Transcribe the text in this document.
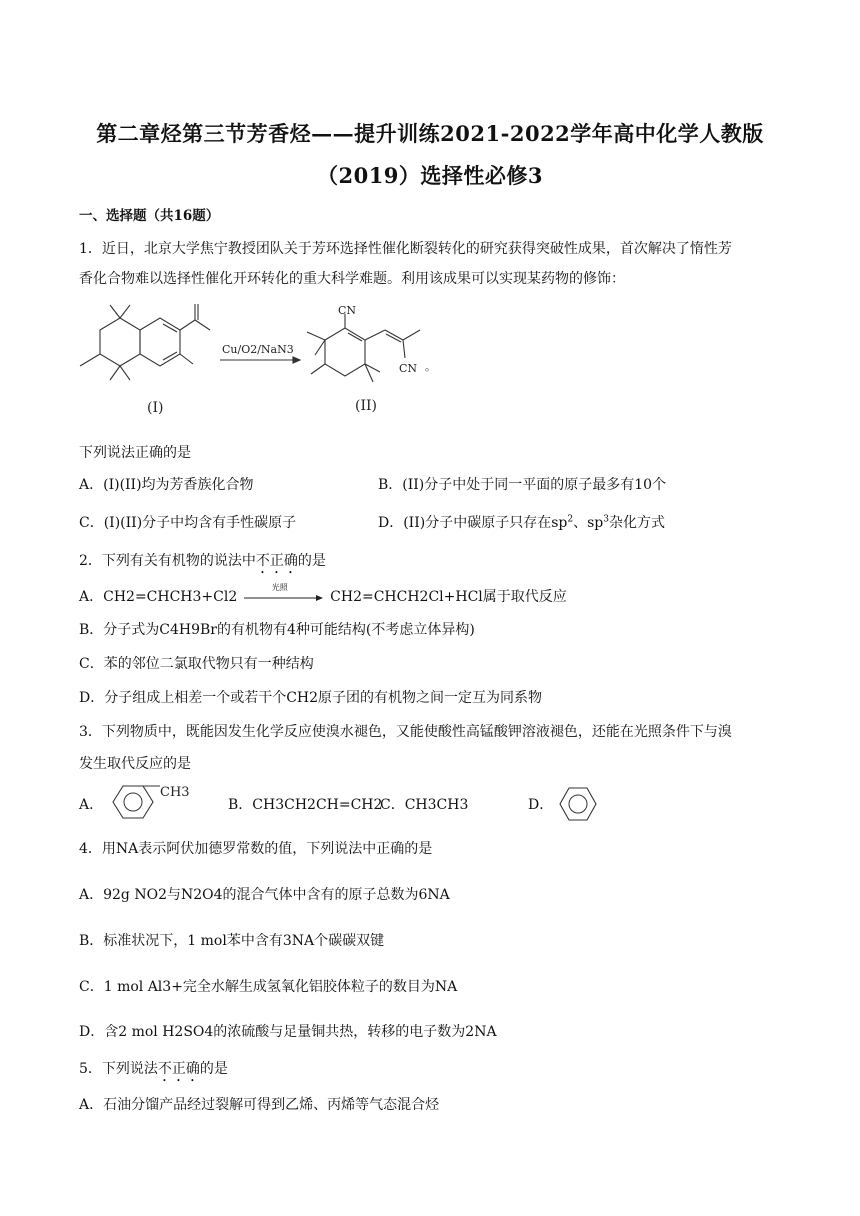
第二章烃第三节芳香烃——提升训练2021-2022学年高中化学人教版
（2019）选择性必修3
一、选择题（共16题）
1．近日，北京大学焦宁教授团队关于芳环选择性催化断裂转化的研究获得突破性成果，首次解决了惰性芳
香化合物难以选择性催化开环转化的重大科学难题。利用该成果可以实现某药物的修饰：
Cu/O2/NaN3
CN
CN 。
(I)	(II)
下列说法正确的是
A．(I)(II)均为芳香族化合物	B．(II)分子中处于同一平面的原子最多有10个
C．(I)(II)分子中均含有手性碳原子	D．(II)分子中碳原子只存在$sp^2$、$sp^3$杂化方式
2．下列有关有机物的说法中不正确的是
A．CH2=CHCH3+Cl2
光照
CH2=CHCH2Cl+HCl属于取代反应
B．分子式为C4H9Br的有机物有4种可能结构(不考虑立体异构)
C．苯的邻位二氯取代物只有一种结构
D．分子组成上相差一个或若干个CH2原子团的有机物之间一定互为同系物
3．下列物质中，既能因发生化学反应使溴水褪色，又能使酸性高锰酸钾溶液褪色，还能在光照条件下与溴
发生取代反应的是
A．
CH3
B．CH3CH2CH=CH2
C．CH3CH3	D．
4．用NA表示阿伏加德罗常数的值，下列说法中正确的是
A．92g NO2与N2O4的混合气体中含有的原子总数为6NA
B．标准状况下，1 mol苯中含有3NA个碳碳双键
C．1 mol Al3+完全水解生成氢氧化铝胶体粒子的数目为NA
D．含2 mol H2SO4的浓硫酸与足量铜共热，转移的电子数为2NA
5．下列说法不正确的是
A．石油分馏产品经过裂解可得到乙烯、丙烯等气态混合烃
